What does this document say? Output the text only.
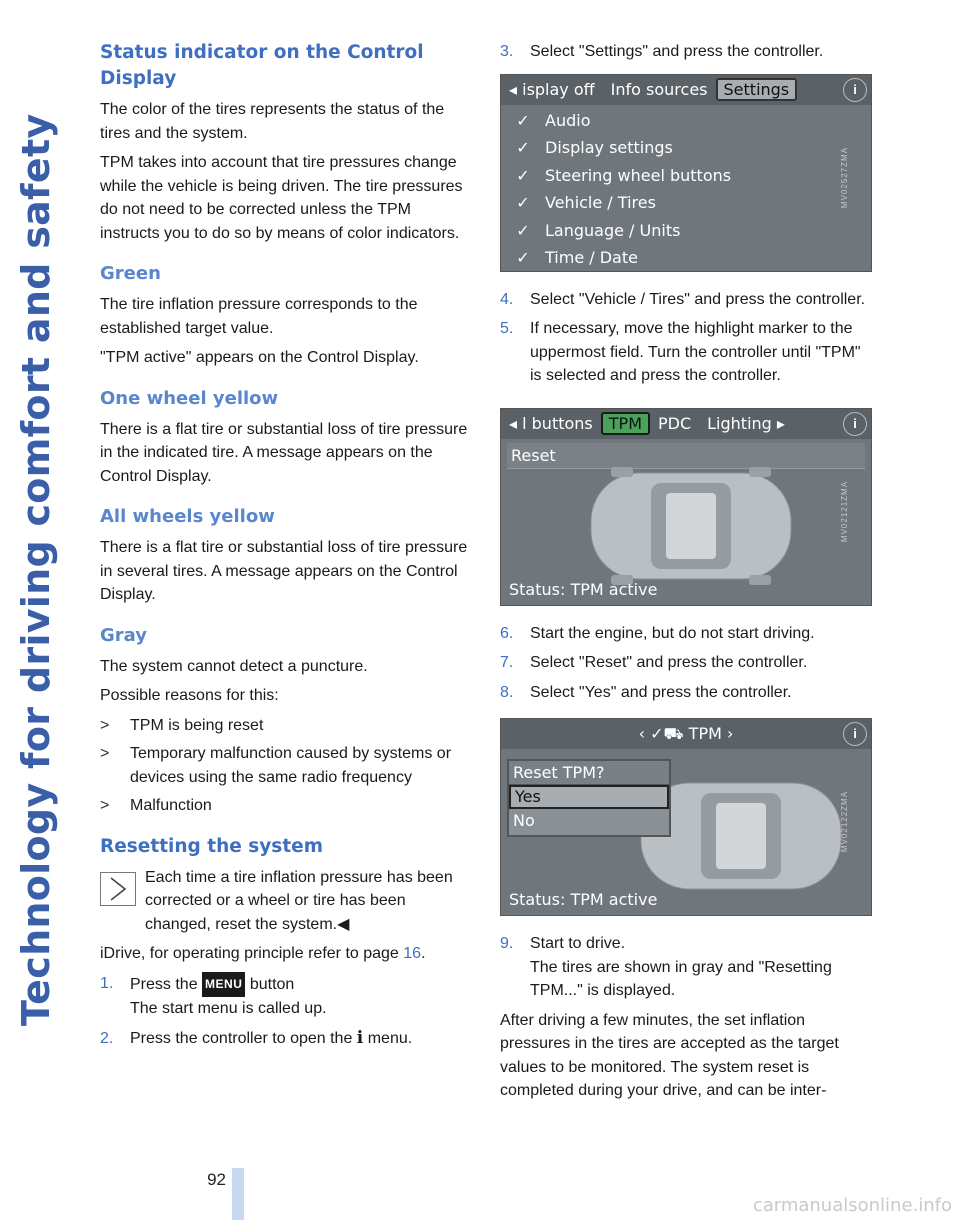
Technology for driving comfort and safety
92
Status indicator on the Control Display

The color of the tires represents the status of the tires and the system.

TPM takes into account that tire pressures change while the vehicle is being driven. The tire pressures do not need to be corrected unless the TPM instructs you to do so by means of color indicators.

Green

The tire inflation pressure corresponds to the established target value.

"TPM active" appears on the Control Display.

One wheel yellow

There is a flat tire or substantial loss of tire pressure in the indicated tire. A message appears on the Control Display.

All wheels yellow

There is a flat tire or substantial loss of tire pressure in several tires. A message appears on the Control Display.

Gray

The system cannot detect a puncture.

Possible reasons for this:

>	TPM is being reset
>	Temporary malfunction caused by systems or devices using the same radio frequency
>	Malfunction
Resetting the system
Each time a tire inflation pressure has been corrected or a wheel or tire has been changed, reset the system.◀

iDrive, for operating principle refer to page 16.

1.	Press the MENU button
The start menu is called up.
2.	Press the controller to open the i menu.
3.	Select "Settings" and press the controller.
◂ isplay off	Info sources	Settings	i
✓ Audio
✓ Display settings
✓ Steering wheel buttons
✓ Vehicle / Tires
✓ Language / Units
✓ Time / Date
MV02527ZMA
4.	Select "Vehicle / Tires" and press the controller.
5.	If necessary, move the highlight marker to the uppermost field. Turn the controller until "TPM" is selected and press the controller.
◂ l buttons	TPM	PDC	Lighting ▸	i
Reset
Status: TPM active
MV02121ZMA
6.	Start the engine, but do not start driving.
7.	Select "Reset" and press the controller.
8.	Select "Yes" and press the controller.
‹ ✓⛟ TPM ›	i
Reset TPM?
Yes
No
Status: TPM active
MV02122ZMA
9.	Start to drive.
The tires are shown in gray and "Resetting TPM..." is displayed.

After driving a few minutes, the set inflation pressures in the tires are accepted as the target values to be monitored. The system reset is completed during your drive, and can be inter-

carmanualsonline.info
